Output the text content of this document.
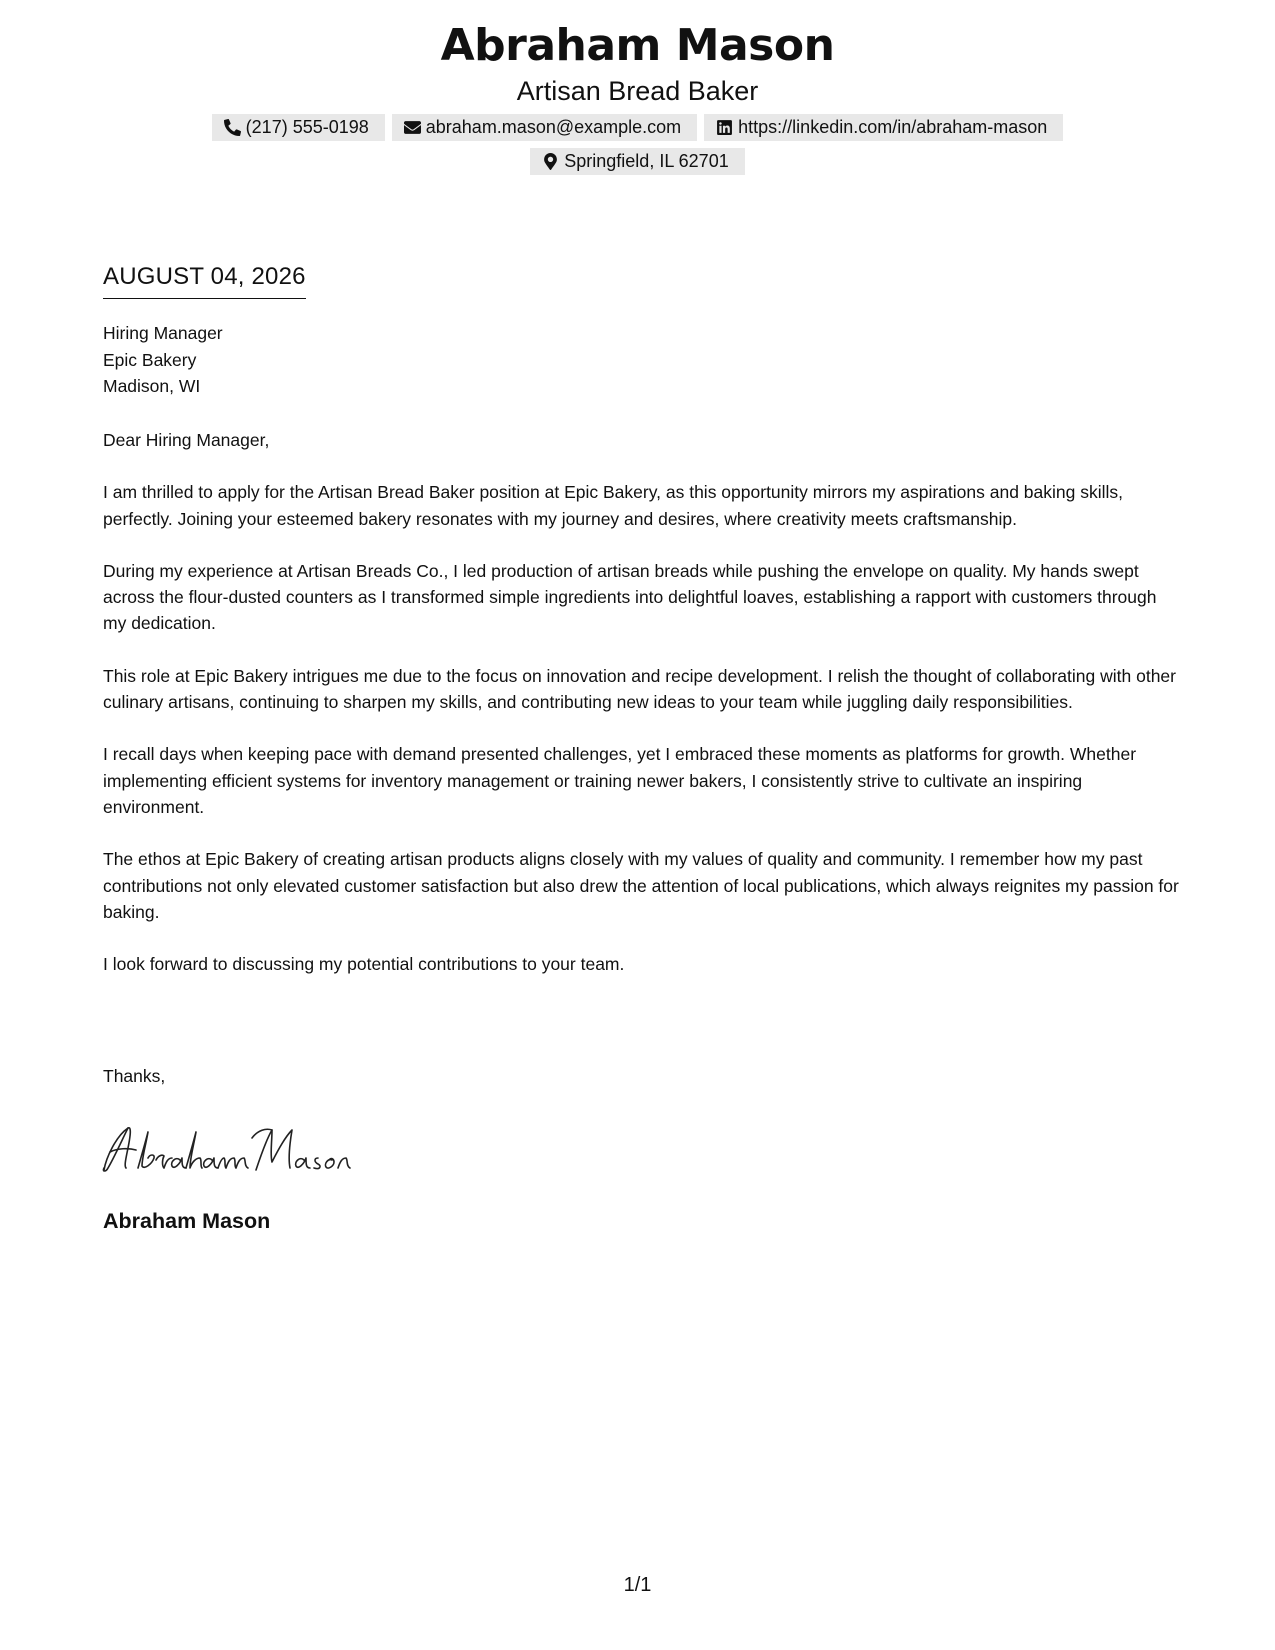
Abraham Mason
Artisan Bread Baker
(217) 555-0198	abraham.mason@example.com	https://linkedin.com/in/abraham-mason
Springfield, IL 62701
AUGUST 04, 2026
Hiring Manager
Epic Bakery
Madison, WI

Dear Hiring Manager,

I am thrilled to apply for the Artisan Bread Baker position at Epic Bakery, as this opportunity mirrors my aspirations and baking skills, perfectly. Joining your esteemed bakery resonates with my journey and desires, where creativity meets craftsmanship.

During my experience at Artisan Breads Co., I led production of artisan breads while pushing the envelope on quality. My hands swept across the flour-dusted counters as I transformed simple ingredients into delightful loaves, establishing a rapport with customers through my dedication.

This role at Epic Bakery intrigues me due to the focus on innovation and recipe development. I relish the thought of collaborating with other culinary artisans, continuing to sharpen my skills, and contributing new ideas to your team while juggling daily responsibilities.

I recall days when keeping pace with demand presented challenges, yet I embraced these moments as platforms for growth. Whether implementing efficient systems for inventory management or training newer bakers, I consistently strive to cultivate an inspiring environment.

The ethos at Epic Bakery of creating artisan products aligns closely with my values of quality and community. I remember how my past contributions not only elevated customer satisfaction but also drew the attention of local publications, which always reignites my passion for baking.

I look forward to discussing my potential contributions to your team.

Thanks,
Abraham Mason
1/1
